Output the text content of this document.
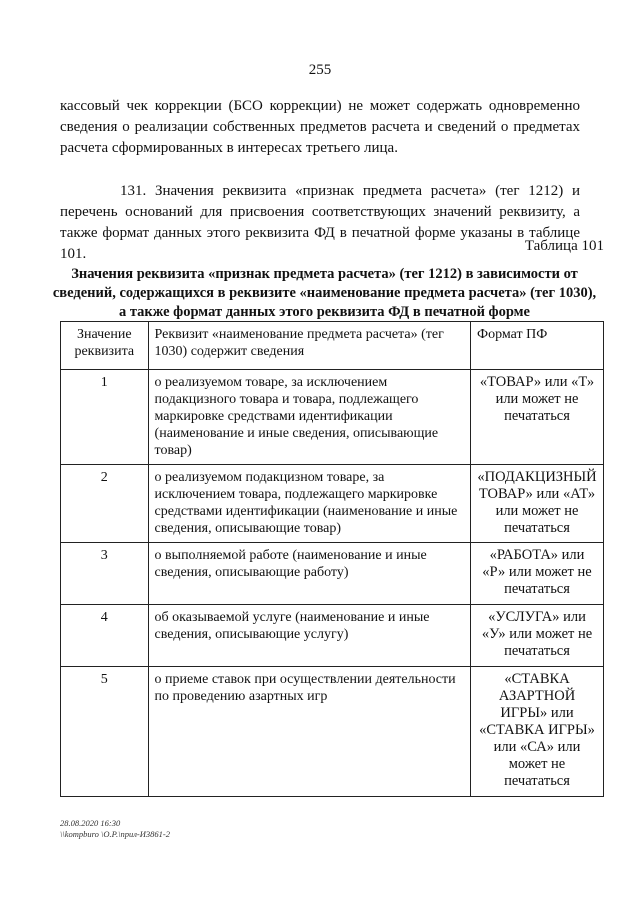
255
кассовый чек коррекции (БСО коррекции) не может содержать одновременно сведения о реализации собственных предметов расчета и сведений о предметах расчета сформированных в интересах третьего лица.
131. Значения реквизита «признак предмета расчета» (тег 1212) и перечень оснований для присвоения соответствующих значений реквизиту, а также формат данных этого реквизита ФД в печатной форме указаны в таблице 101.	Таблица 101
Значения реквизита «признак предмета расчета» (тег 1212) в зависимости от сведений, содержащихся в реквизите «наименование предмета расчета» (тег 1030), а также формат данных этого реквизита ФД в печатной форме
Значение реквизита	Реквизит «наименование предмета расчета» (тег 1030) содержит сведения	Формат ПФ
1	о реализуемом товаре, за исключением подакцизного товара и товара, подлежащего маркировке средствами идентификации (наименование и иные сведения, описывающие товар)	«ТОВАР» или «Т» или может не печататься
2	о реализуемом подакцизном товаре, за исключением товара, подлежащего маркировке средствами идентификации (наименование и иные сведения, описывающие товар)	«ПОДАКЦИЗНЫЙ ТОВАР» или «АТ» или может не печататься
3	о выполняемой работе (наименование и иные сведения, описывающие работу)	«РАБОТА» или «Р» или может не печататься
4	об оказываемой услуге (наименование и иные сведения, описывающие услугу)	«УСЛУГА» или «У» или может не печататься
5	о приеме ставок при осуществлении деятельности по проведению азартных игр	«СТАВКА АЗАРТНОЙ ИГРЫ» или «СТАВКА ИГРЫ» или «СА» или может не печататься
28.08.2020 16:30
\\kompburo \О.Р.\прил-И3861-2
